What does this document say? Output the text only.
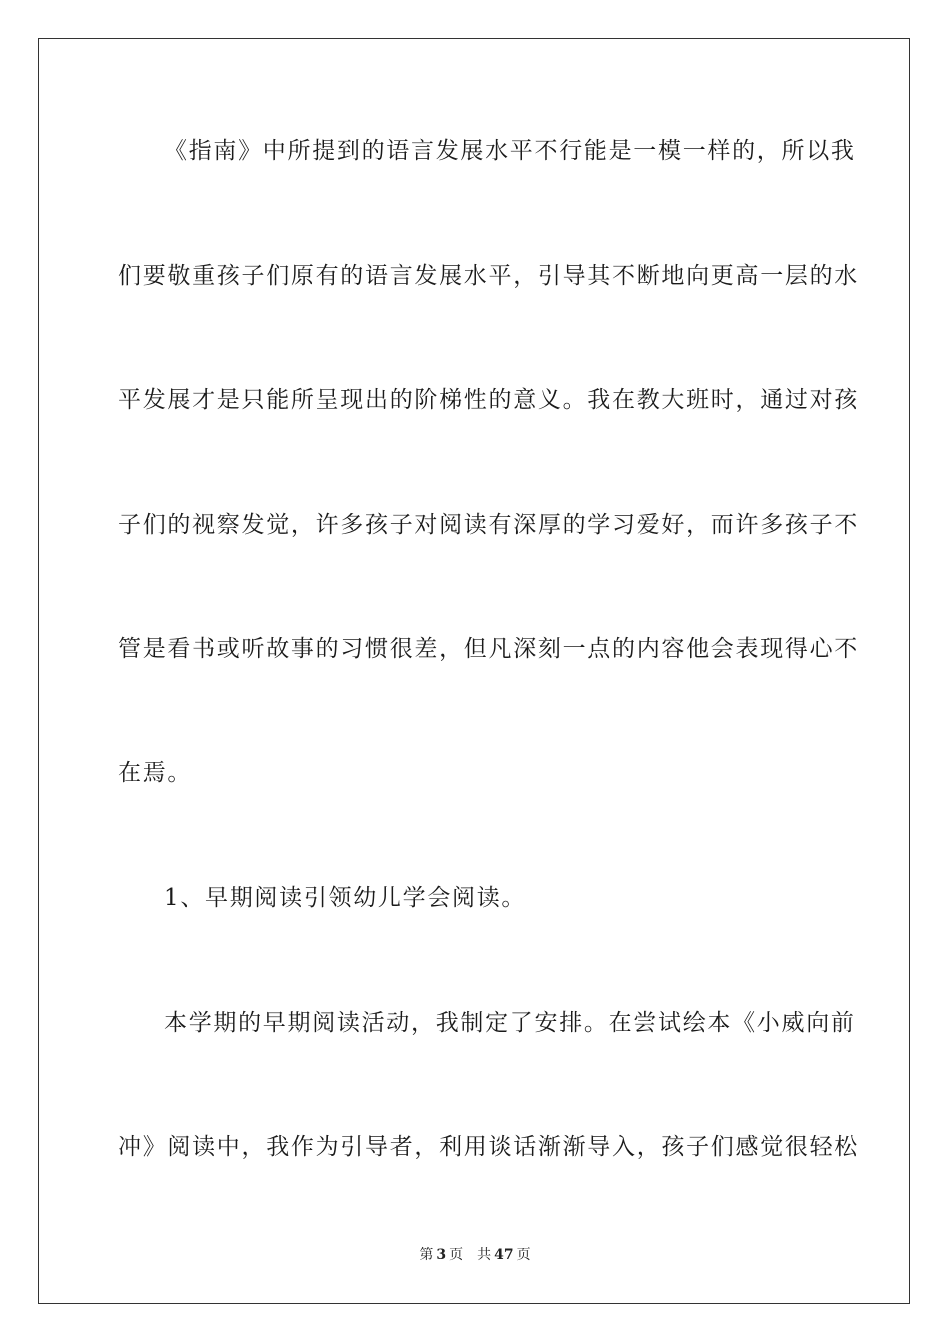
《指南》中所提到的语言发展水平不行能是一模一样的，所以我
们要敬重孩子们原有的语言发展水平，引导其不断地向更高一层的水
平发展才是只能所呈现出的阶梯性的意义。我在教大班时，通过对孩
子们的视察发觉，许多孩子对阅读有深厚的学习爱好，而许多孩子不
管是看书或听故事的习惯很差，但凡深刻一点的内容他会表现得心不
在焉。
1、早期阅读引领幼儿学会阅读。
本学期的早期阅读活动，我制定了安排。在尝试绘本《小威向前
冲》阅读中，我作为引导者，利用谈话渐渐导入，孩子们感觉很轻松
第 3 页 共 47 页
